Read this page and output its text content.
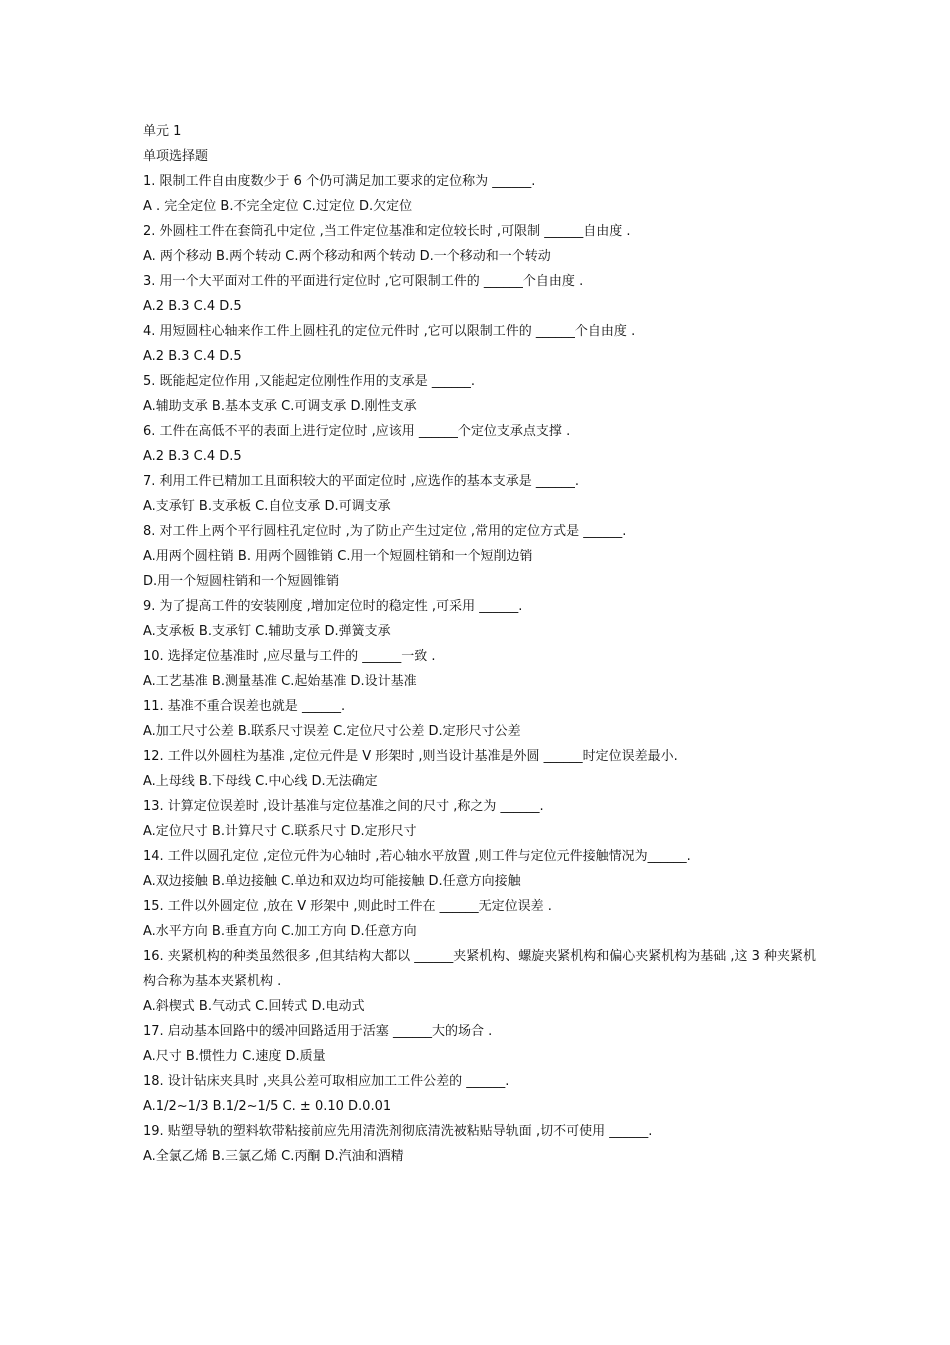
单元 1
单项选择题
1. 限制工件自由度数少于 6 个仍可满足加工要求的定位称为 ______.
A . 完全定位 B.不完全定位 C.过定位 D.欠定位
2. 外圆柱工件在套筒孔中定位 ,当工件定位基准和定位较长时 ,可限制 ______自由度 .
A. 两个移动 B.两个转动 C.两个移动和两个转动 D.一个移动和一个转动
3. 用一个大平面对工件的平面进行定位时 ,它可限制工件的 ______个自由度 .
A.2 B.3 C.4 D.5
4. 用短圆柱心轴来作工件上圆柱孔的定位元件时 ,它可以限制工件的 ______个自由度 .
A.2 B.3 C.4 D.5
5. 既能起定位作用 ,又能起定位刚性作用的支承是 ______.
A.辅助支承 B.基本支承 C.可调支承 D.刚性支承
6. 工件在高低不平的表面上进行定位时 ,应该用 ______个定位支承点支撑 .
A.2 B.3 C.4 D.5
7. 利用工件已精加工且面积较大的平面定位时 ,应选作的基本支承是 ______.
A.支承钉 B.支承板 C.自位支承 D.可调支承
8. 对工件上两个平行圆柱孔定位时 ,为了防止产生过定位 ,常用的定位方式是 ______.
A.用两个圆柱销 B. 用两个圆锥销 C.用一个短圆柱销和一个短削边销
D.用一个短圆柱销和一个短圆锥销
9. 为了提高工件的安装刚度 ,增加定位时的稳定性 ,可采用 ______.
A.支承板 B.支承钉 C.辅助支承 D.弹簧支承
10. 选择定位基准时 ,应尽量与工件的 ______一致 .
A.工艺基准 B.测量基准 C.起始基准 D.设计基准
11. 基准不重合误差也就是 ______.
A.加工尺寸公差 B.联系尺寸误差 C.定位尺寸公差 D.定形尺寸公差
12. 工件以外圆柱为基准 ,定位元件是 V 形架时 ,则当设计基准是外圆 ______时定位误差最小.
A.上母线 B.下母线 C.中心线 D.无法确定
13. 计算定位误差时 ,设计基准与定位基准之间的尺寸 ,称之为 ______.
A.定位尺寸 B.计算尺寸 C.联系尺寸 D.定形尺寸
14. 工件以圆孔定位 ,定位元件为心轴时 ,若心轴水平放置 ,则工件与定位元件接触情况为______.
A.双边接触 B.单边接触 C.单边和双边均可能接触 D.任意方向接触
15. 工件以外圆定位 ,放在 V 形架中 ,则此时工件在 ______无定位误差 .
A.水平方向 B.垂直方向 C.加工方向 D.任意方向
16. 夹紧机构的种类虽然很多 ,但其结构大都以 ______夹紧机构、螺旋夹紧机构和偏心夹紧机构为基础 ,这 3 种夹紧机构合称为基本夹紧机构 .
A.斜楔式 B.气动式 C.回转式 D.电动式
17. 启动基本回路中的缓冲回路适用于活塞 ______大的场合 .
A.尺寸 B.惯性力 C.速度 D.质量
18. 设计钻床夹具时 ,夹具公差可取相应加工工件公差的 ______.
A.1/2~1/3 B.1/2~1/5 C. ± 0.10 D.0.01
19. 贴塑导轨的塑料软带粘接前应先用清洗剂彻底清洗被粘贴导轨面 ,切不可使用 ______.
A.全氯乙烯 B.三氯乙烯 C.丙酮 D.汽油和酒精
